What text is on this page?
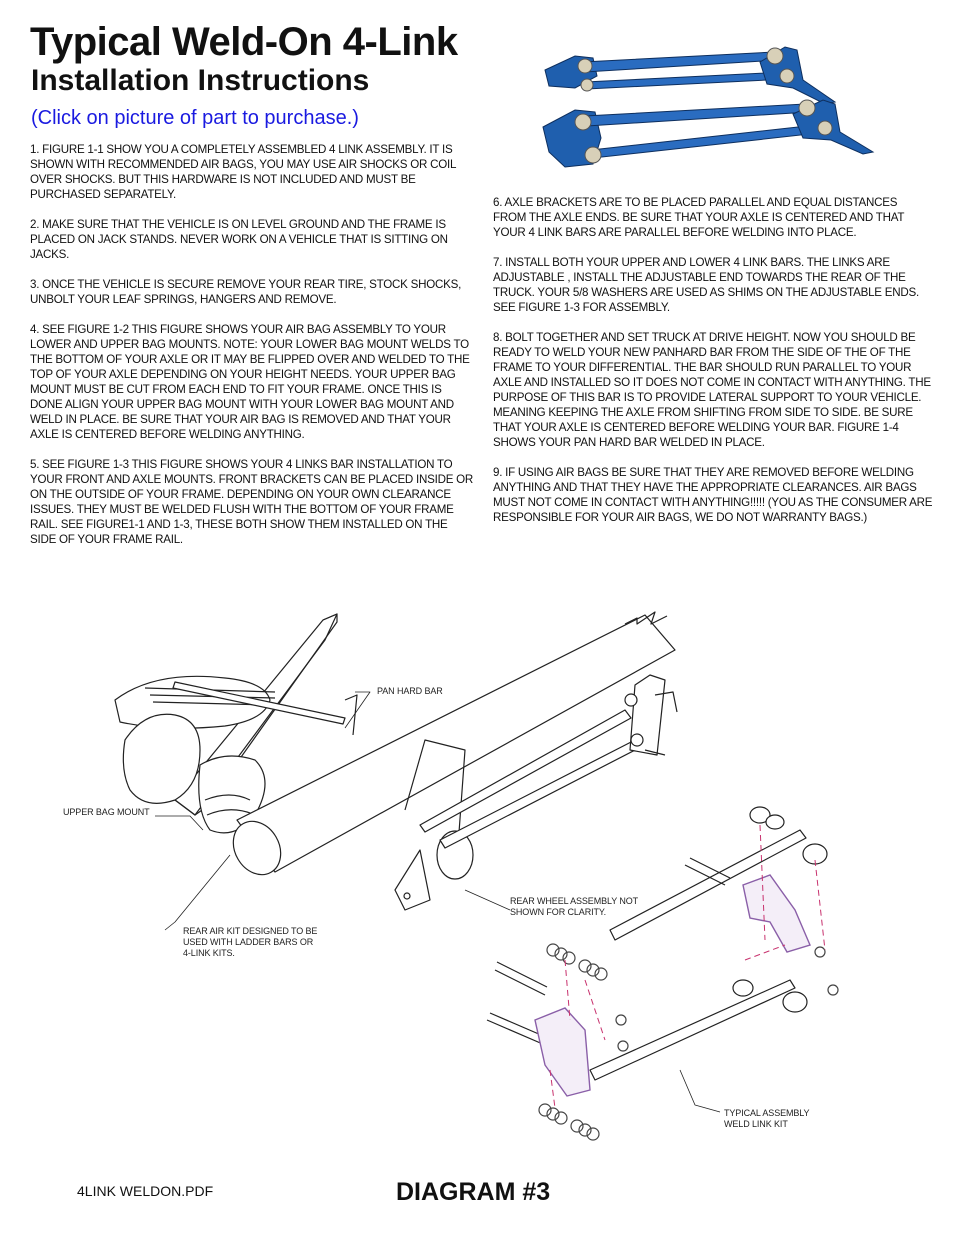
Typical Weld-On 4-Link
Installation Instructions
(Click on picture of part to purchase.)

1. FIGURE 1-1 SHOW YOU A COMPLETELY ASSEMBLED 4 LINK ASSEMBLY. IT IS SHOWN WITH RECOMMENDED AIR BAGS, YOU MAY USE AIR SHOCKS OR COIL OVER SHOCKS. BUT THIS HARDWARE IS NOT INCLUDED AND MUST BE PURCHASED SEPARATELY.

2. MAKE SURE THAT THE VEHICLE IS ON LEVEL GROUND AND THE FRAME IS PLACED ON JACK STANDS. NEVER WORK ON A VEHICLE THAT IS SITTING ON JACKS.

3. ONCE THE VEHICLE IS SECURE REMOVE YOUR REAR TIRE, STOCK SHOCKS, UNBOLT YOUR LEAF SPRINGS, HANGERS AND REMOVE.

4. SEE FIGURE 1-2 THIS FIGURE SHOWS YOUR AIR BAG ASSEMBLY TO YOUR LOWER AND UPPER BAG MOUNTS. NOTE: YOUR LOWER BAG MOUNT WELDS TO THE BOTTOM OF YOUR AXLE OR IT MAY BE FLIPPED OVER AND WELDED TO THE TOP OF YOUR AXLE DEPENDING ON YOUR HEIGHT NEEDS. YOUR UPPER BAG MOUNT MUST BE CUT FROM EACH END TO FIT YOUR FRAME. ONCE THIS IS DONE ALIGN YOUR UPPER BAG MOUNT WITH YOUR LOWER BAG MOUNT AND WELD IN PLACE. BE SURE THAT YOUR AIR BAG IS REMOVED AND THAT YOUR AXLE IS CENTERED BEFORE WELDING ANYTHING.

5. SEE FIGURE 1-3 THIS FIGURE SHOWS YOUR 4 LINKS BAR INSTALLATION TO YOUR FRONT AND AXLE MOUNTS. FRONT BRACKETS CAN BE PLACED INSIDE OR ON THE OUTSIDE OF YOUR FRAME. DEPENDING ON YOUR OWN CLEARANCE ISSUES. THEY MUST BE WELDED FLUSH WITH THE BOTTOM OF YOUR FRAME RAIL. SEE FIGURE1-1 AND 1-3, THESE BOTH SHOW THEM INSTALLED ON THE SIDE OF YOUR FRAME RAIL.

6. AXLE BRACKETS ARE TO BE PLACED PARALLEL AND EQUAL DISTANCES FROM THE AXLE ENDS. BE SURE THAT YOUR AXLE IS CENTERED AND THAT YOUR 4 LINK BARS ARE PARALLEL BEFORE WELDING INTO PLACE.

7. INSTALL BOTH YOUR UPPER AND LOWER 4 LINK BARS. THE LINKS ARE ADJUSTABLE , INSTALL THE ADJUSTABLE END TOWARDS THE REAR OF THE TRUCK. YOUR 5/8 WASHERS ARE USED AS SHIMS ON THE ADJUSTABLE ENDS. SEE FIGURE 1-3 FOR ASSEMBLY.

8. BOLT TOGETHER AND SET TRUCK AT DRIVE HEIGHT. NOW YOU SHOULD BE READY TO WELD YOUR NEW PANHARD BAR FROM THE SIDE OF THE OF THE FRAME TO YOUR DIFFERENTIAL. THE BAR SHOULD RUN PARALLEL TO YOUR AXLE AND INSTALLED SO IT DOES NOT COME IN CONTACT WITH ANYTHING. THE PURPOSE OF THIS BAR IS TO PROVIDE LATERAL SUPPORT TO YOUR VEHICLE. MEANING KEEPING THE AXLE FROM SHIFTING FROM SIDE TO SIDE. BE SURE THAT YOUR AXLE IS CENTERED BEFORE WELDING YOUR BAR. FIGURE 1-4 SHOWS YOUR PAN HARD BAR WELDED IN PLACE.

9. IF USING AIR BAGS BE SURE THAT THEY ARE REMOVED BEFORE WELDING ANYTHING AND THAT THEY HAVE THE APPROPRIATE CLEARANCES. AIR BAGS MUST NOT COME IN CONTACT WITH ANYTHING!!!!! (YOU AS THE CONSUMER ARE RESPONSIBLE FOR YOUR AIR BAGS, WE DO NOT WARRANTY BAGS.)

PAN HARD BAR
UPPER BAG MOUNT
REAR WHEEL ASSEMBLY NOT SHOWN FOR CLARITY.
REAR AIR KIT DESIGNED TO BE USED WITH LADDER BARS OR 4-LINK KITS.
TYPICAL ASSEMBLY WELD LINK KIT
4LINK WELDON.PDF	DIAGRAM #3
